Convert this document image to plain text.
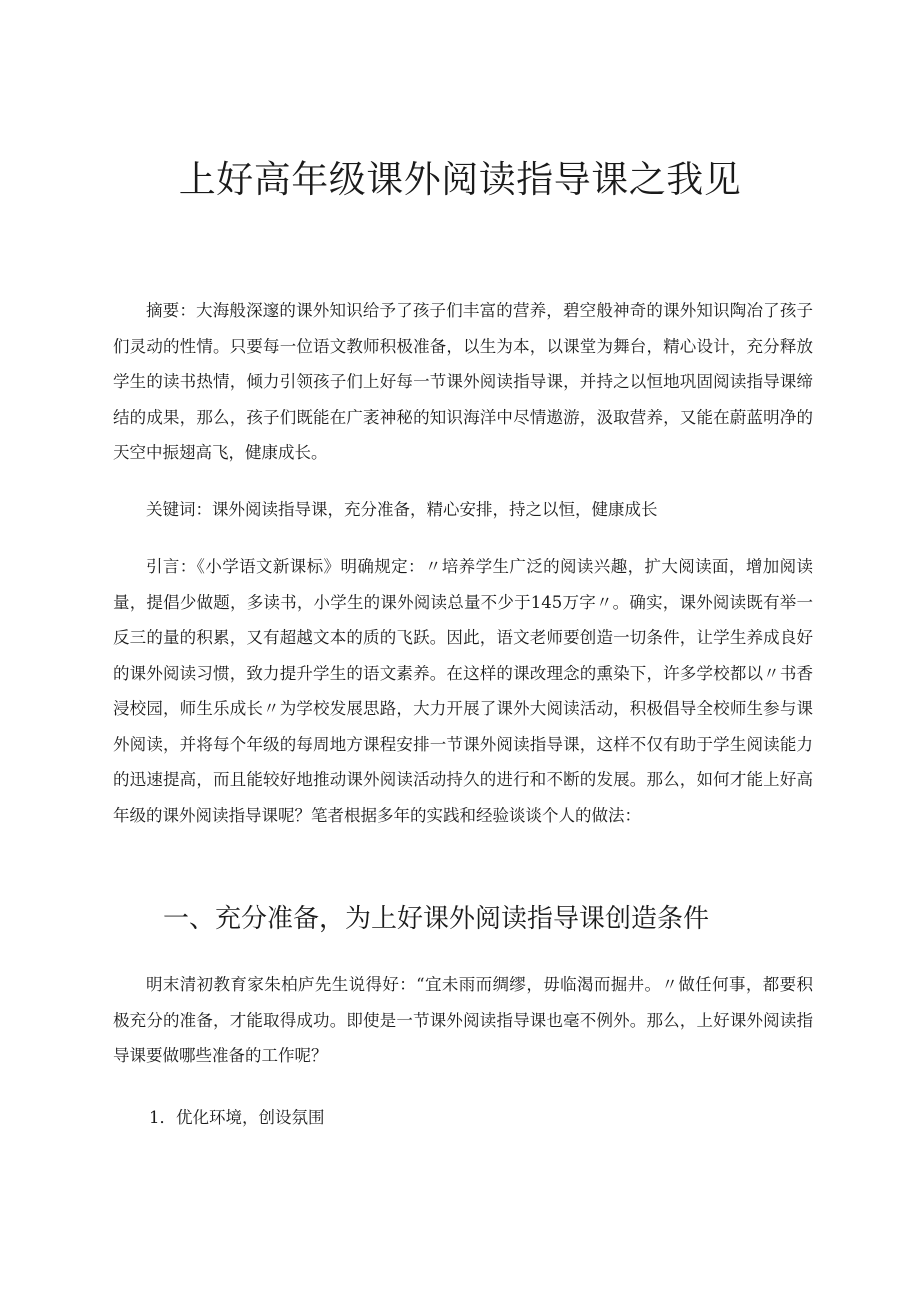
上好高年级课外阅读指导课之我见

摘要：大海般深邃的课外知识给予了孩子们丰富的营养，碧空般神奇的课外知识陶冶了孩子们灵动的性情。只要每一位语文教师积极准备，以生为本，以课堂为舞台，精心设计，充分释放学生的读书热情，倾力引领孩子们上好每一节课外阅读指导课，并持之以恒地巩固阅读指导课缔结的成果，那么，孩子们既能在广袤神秘的知识海洋中尽情遨游，汲取营养，又能在蔚蓝明净的天空中振翅高飞，健康成长。

关键词：课外阅读指导课，充分准备，精心安排，持之以恒，健康成长

引言：《小学语文新课标》明确规定：〃培养学生广泛的阅读兴趣，扩大阅读面，增加阅读量，提倡少做题，多读书，小学生的课外阅读总量不少于145万字〃。确实，课外阅读既有举一反三的量的积累，又有超越文本的质的飞跃。因此，语文老师要创造一切条件，让学生养成良好的课外阅读习惯，致力提升学生的语文素养。在这样的课改理念的熏染下，许多学校都以〃书香浸校园，师生乐成长〃为学校发展思路，大力开展了课外大阅读活动，积极倡导全校师生参与课外阅读，并将每个年级的每周地方课程安排一节课外阅读指导课，这样不仅有助于学生阅读能力的迅速提高，而且能较好地推动课外阅读活动持久的进行和不断的发展。那么，如何才能上好高年级的课外阅读指导课呢？笔者根据多年的实践和经验谈谈个人的做法：

一、充分准备，为上好课外阅读指导课创造条件

明末清初教育家朱柏庐先生说得好：“宜未雨而绸缪，毋临渴而掘井。〃做任何事，都要积极充分的准备，才能取得成功。即使是一节课外阅读指导课也毫不例外。那么，上好课外阅读指导课要做哪些准备的工作呢？

1．优化环境，创设氛围
